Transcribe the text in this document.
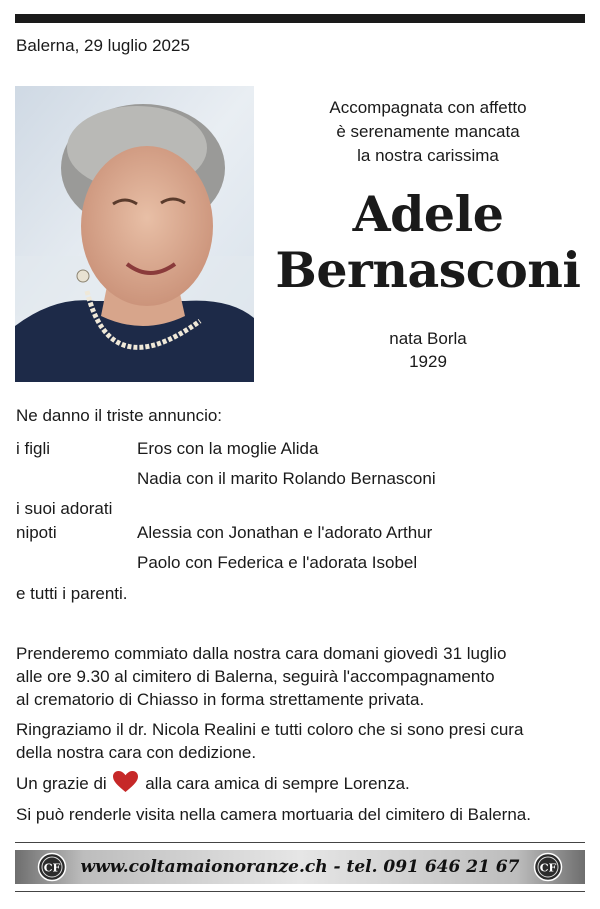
Balerna, 29 luglio 2025
Accompagnata con affetto
è serenamente mancata
la nostra carissima
Adele
Bernasconi
nata Borla
1929
Ne danno il triste annuncio:
i figli	Eros con la moglie Alida
Nadia con il marito Rolando Bernasconi
i suoi adorati
nipoti	Alessia con Jonathan e l'adorato Arthur
Paolo con Federica e l'adorata Isobel
e tutti i parenti.
Prenderemo commiato dalla nostra cara domani giovedì 31 luglio
alle ore 9.30 al cimitero di Balerna, seguirà l'accompagnamento
al crematorio di Chiasso in forma strettamente privata.
Ringraziamo il dr. Nicola Realini e tutti coloro che si sono presi cura
della nostra cara con dedizione.
Un grazie di alla cara amica di sempre Lorenza.
Si può renderle visita nella camera mortuaria del cimitero di Balerna.
CF	www.coltamaionoranze.ch - tel. 091 646 21 67	CF
